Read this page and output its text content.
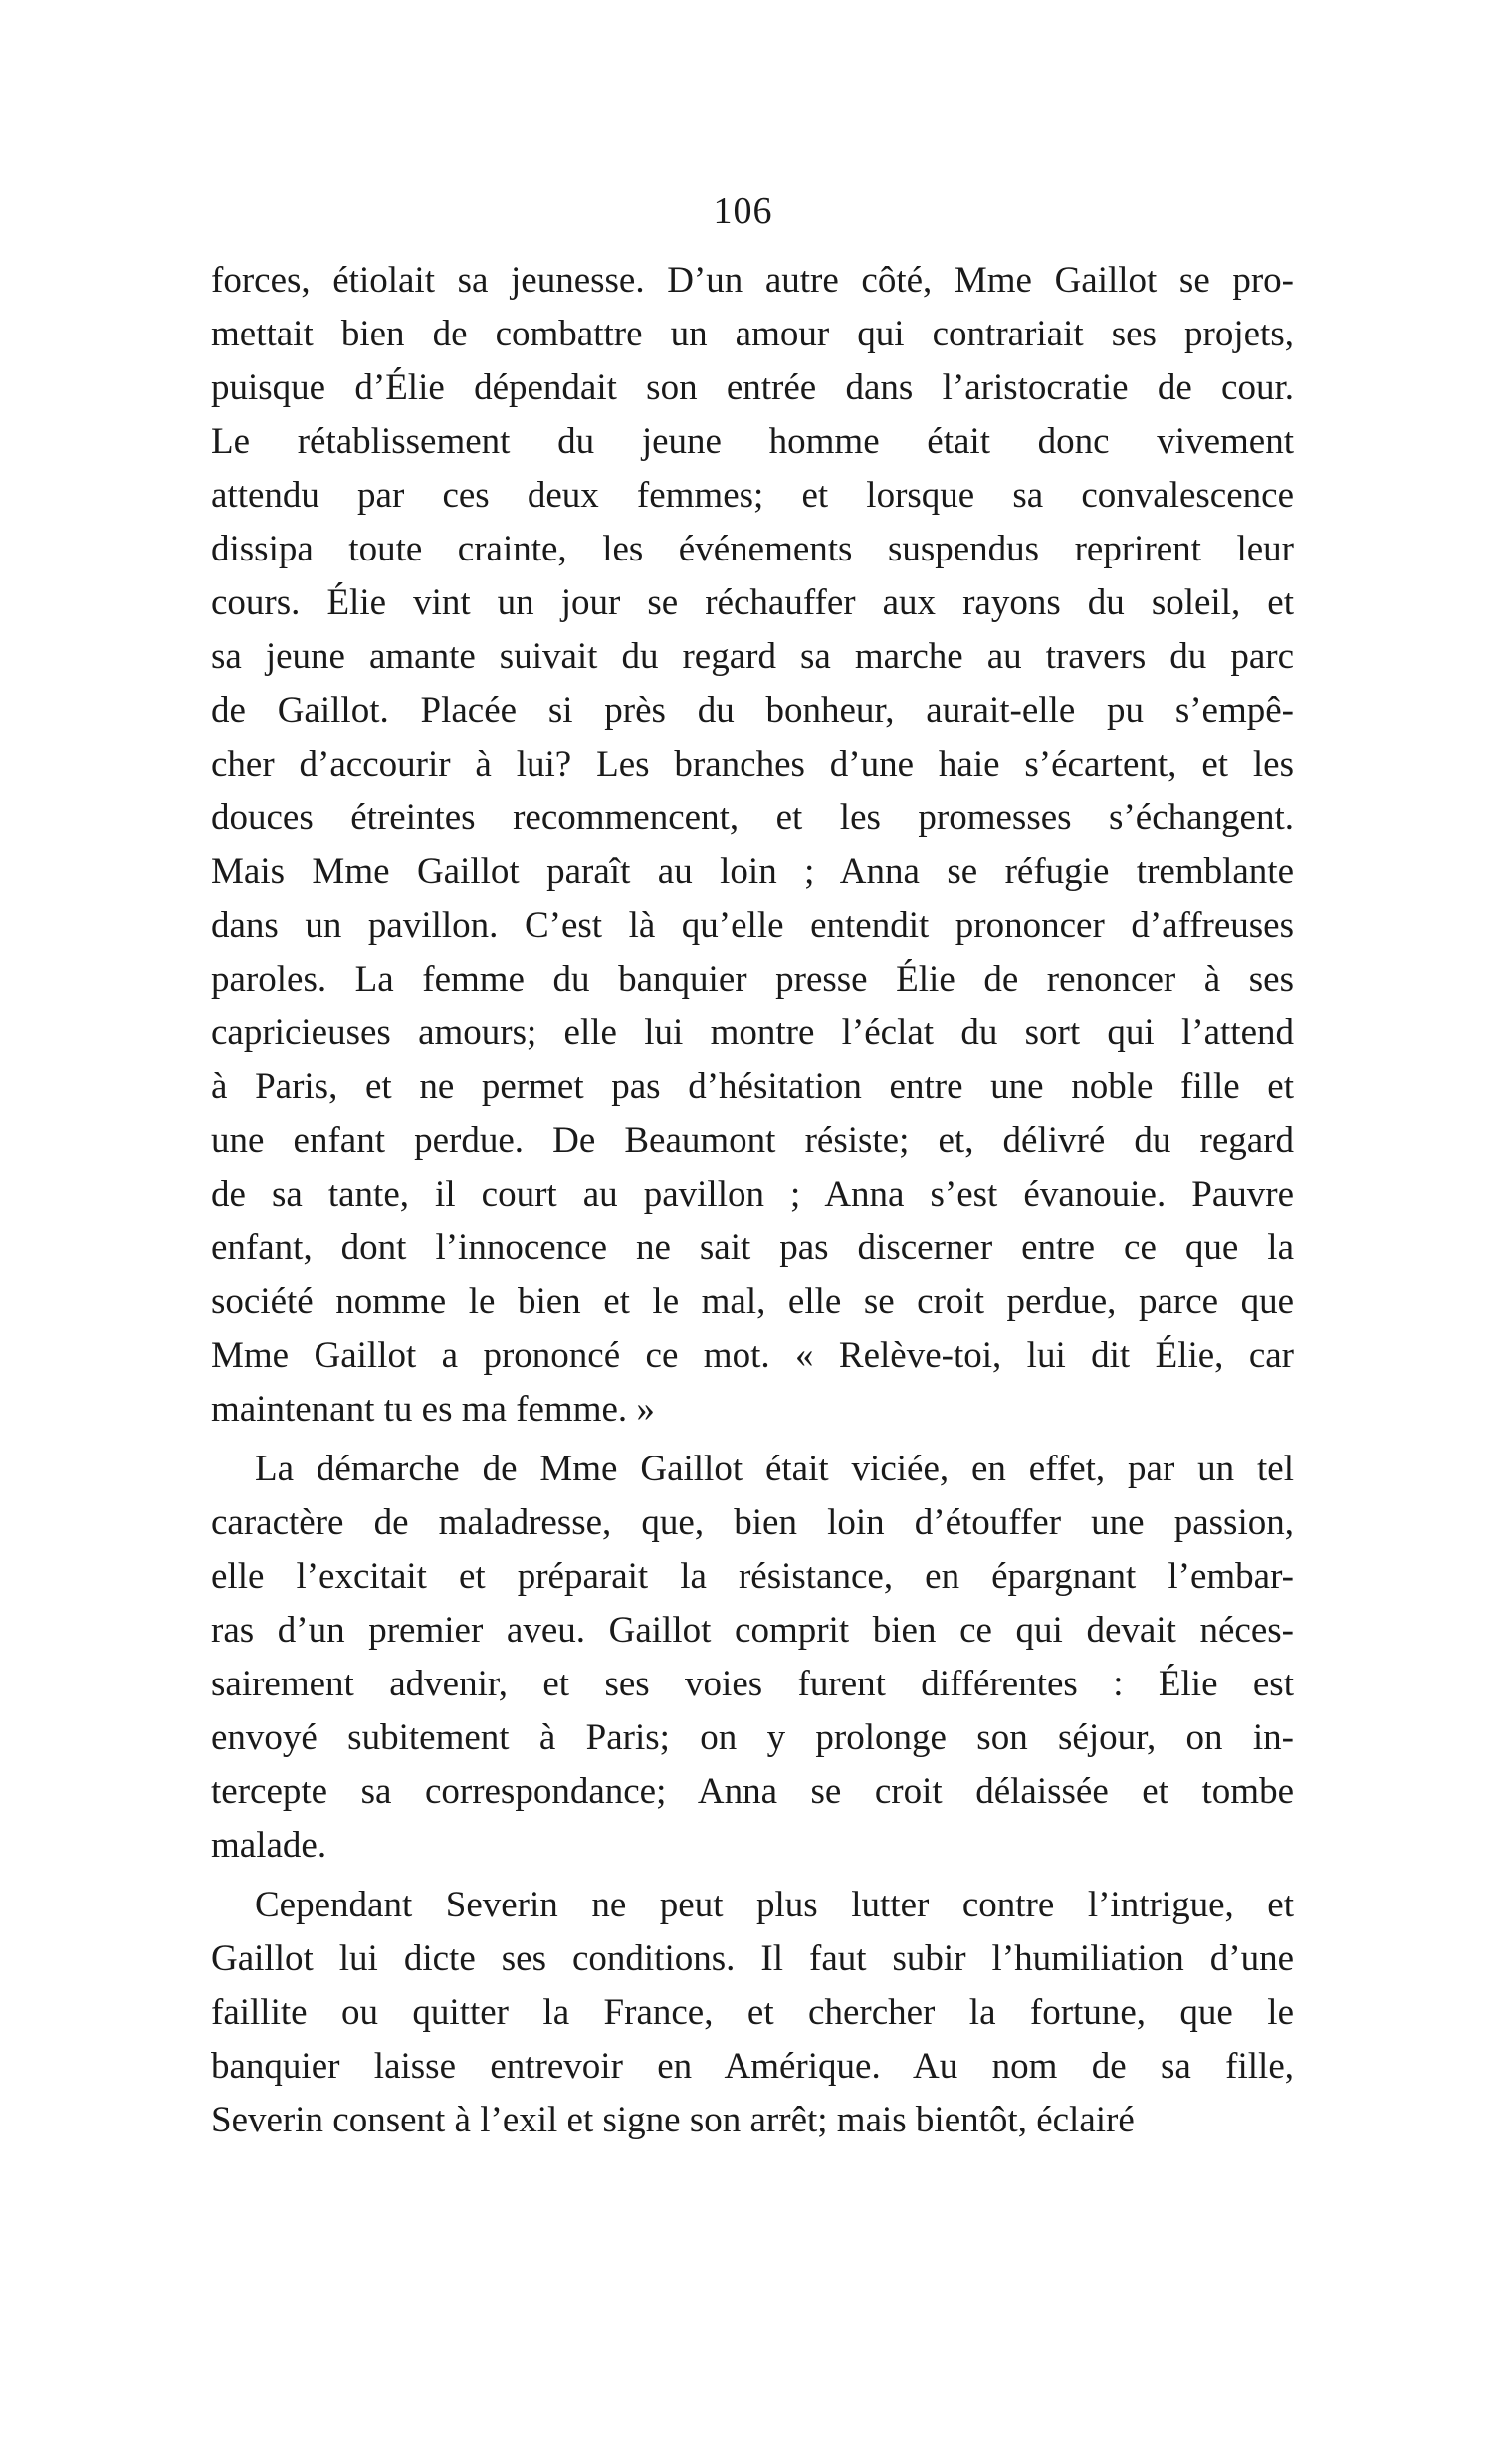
106
forces, étiolait sa jeunesse. D’un autre côté, Mme Gaillot se pro-
mettait bien de combattre un amour qui contrariait ses projets,
puisque d’Élie dépendait son entrée dans l’aristocratie de cour.
Le rétablissement du jeune homme était donc vivement
attendu par ces deux femmes; et lorsque sa convalescence
dissipa toute crainte, les événements suspendus reprirent leur
cours. Élie vint un jour se réchauffer aux rayons du soleil, et
sa jeune amante suivait du regard sa marche au travers du parc
de Gaillot. Placée si près du bonheur, aurait-elle pu s’empê-
cher d’accourir à lui? Les branches d’une haie s’écartent, et les
douces étreintes recommencent, et les promesses s’échangent.
Mais Mme Gaillot paraît au loin ; Anna se réfugie tremblante
dans un pavillon. C’est là qu’elle entendit prononcer d’affreuses
paroles. La femme du banquier presse Élie de renoncer à ses
capricieuses amours; elle lui montre l’éclat du sort qui l’attend
à Paris, et ne permet pas d’hésitation entre une noble fille et
une enfant perdue. De Beaumont résiste; et, délivré du regard
de sa tante, il court au pavillon ; Anna s’est évanouie. Pauvre
enfant, dont l’innocence ne sait pas discerner entre ce que la
société nomme le bien et le mal, elle se croit perdue, parce que
Mme Gaillot a prononcé ce mot. « Relève-toi, lui dit Élie, car
maintenant tu es ma femme. »
La démarche de Mme Gaillot était viciée, en effet, par un tel
caractère de maladresse, que, bien loin d’étouffer une passion,
elle l’excitait et préparait la résistance, en épargnant l’embar-
ras d’un premier aveu. Gaillot comprit bien ce qui devait néces-
sairement advenir, et ses voies furent différentes : Élie est
envoyé subitement à Paris; on y prolonge son séjour, on in-
tercepte sa correspondance; Anna se croit délaissée et tombe
malade.
Cependant Severin ne peut plus lutter contre l’intrigue, et
Gaillot lui dicte ses conditions. Il faut subir l’humiliation d’une
faillite ou quitter la France, et chercher la fortune, que le
banquier laisse entrevoir en Amérique. Au nom de sa fille,
Severin consent à l’exil et signe son arrêt; mais bientôt, éclairé
